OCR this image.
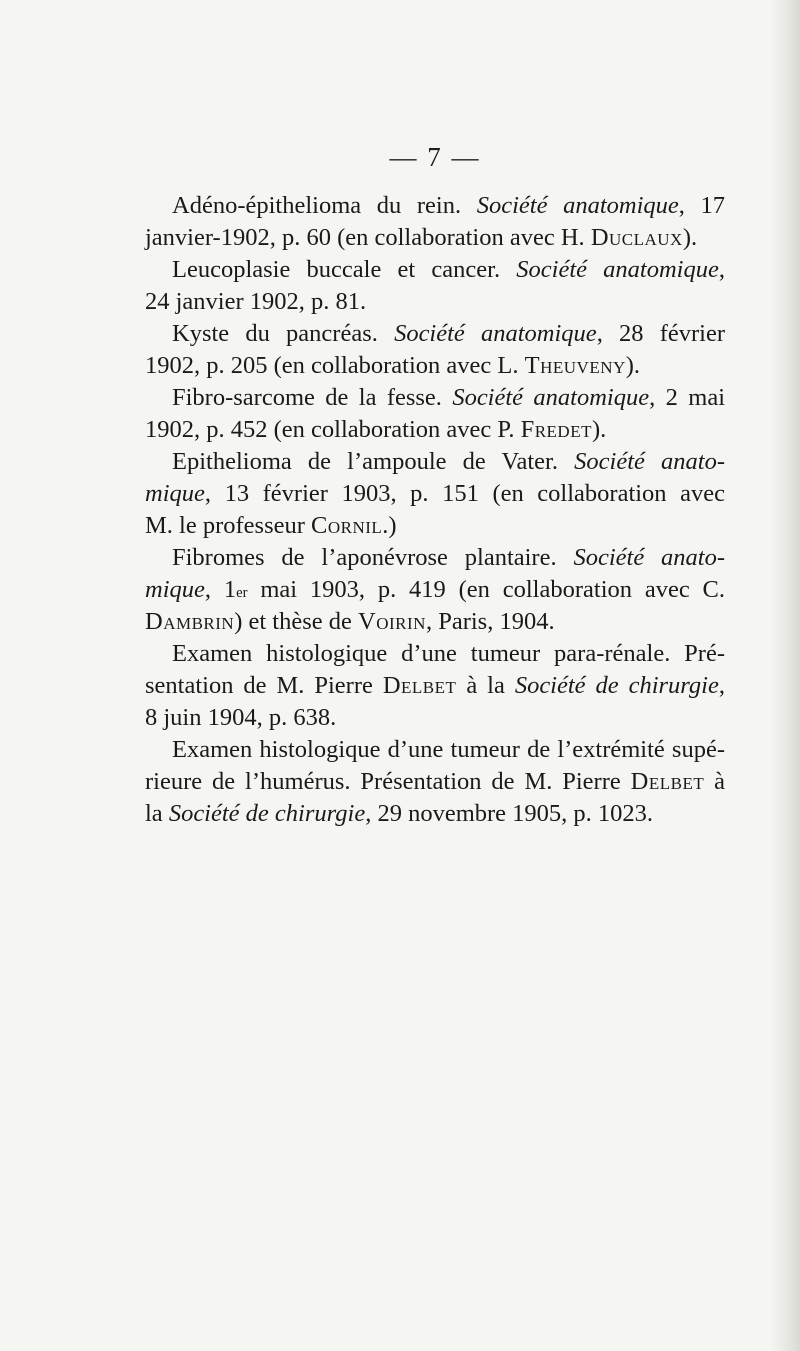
— 7 —
Adéno-épithelioma du rein. Société anatomique, 17
janvier-1902, p. 60 (en collaboration avec H. Duclaux).
Leucoplasie buccale et cancer. Société anatomique,
24 janvier 1902, p. 81.
Kyste du pancréas. Société anatomique, 28 février
1902, p. 205 (en collaboration avec L. Theuveny).
Fibro-sarcome de la fesse. Société anatomique, 2 mai
1902, p. 452 (en collaboration avec P. Fredet).
Epithelioma de l’ampoule de Vater. Société anato-
mique, 13 février 1903, p. 151 (en collaboration avec
M. le professeur Cornil.)
Fibromes de l’aponévrose plantaire. Société anato-
mique, 1er mai 1903, p. 419 (en collaboration avec C.
Dambrin) et thèse de Voirin, Paris, 1904.
Examen histologique d’une tumeur para-rénale. Pré-
sentation de M. Pierre Delbet à la Société de chirurgie,
8 juin 1904, p. 638.
Examen histologique d’une tumeur de l’extrémité supé-
rieure de l’humérus. Présentation de M. Pierre Delbet à
la Société de chirurgie, 29 novembre 1905, p. 1023.
